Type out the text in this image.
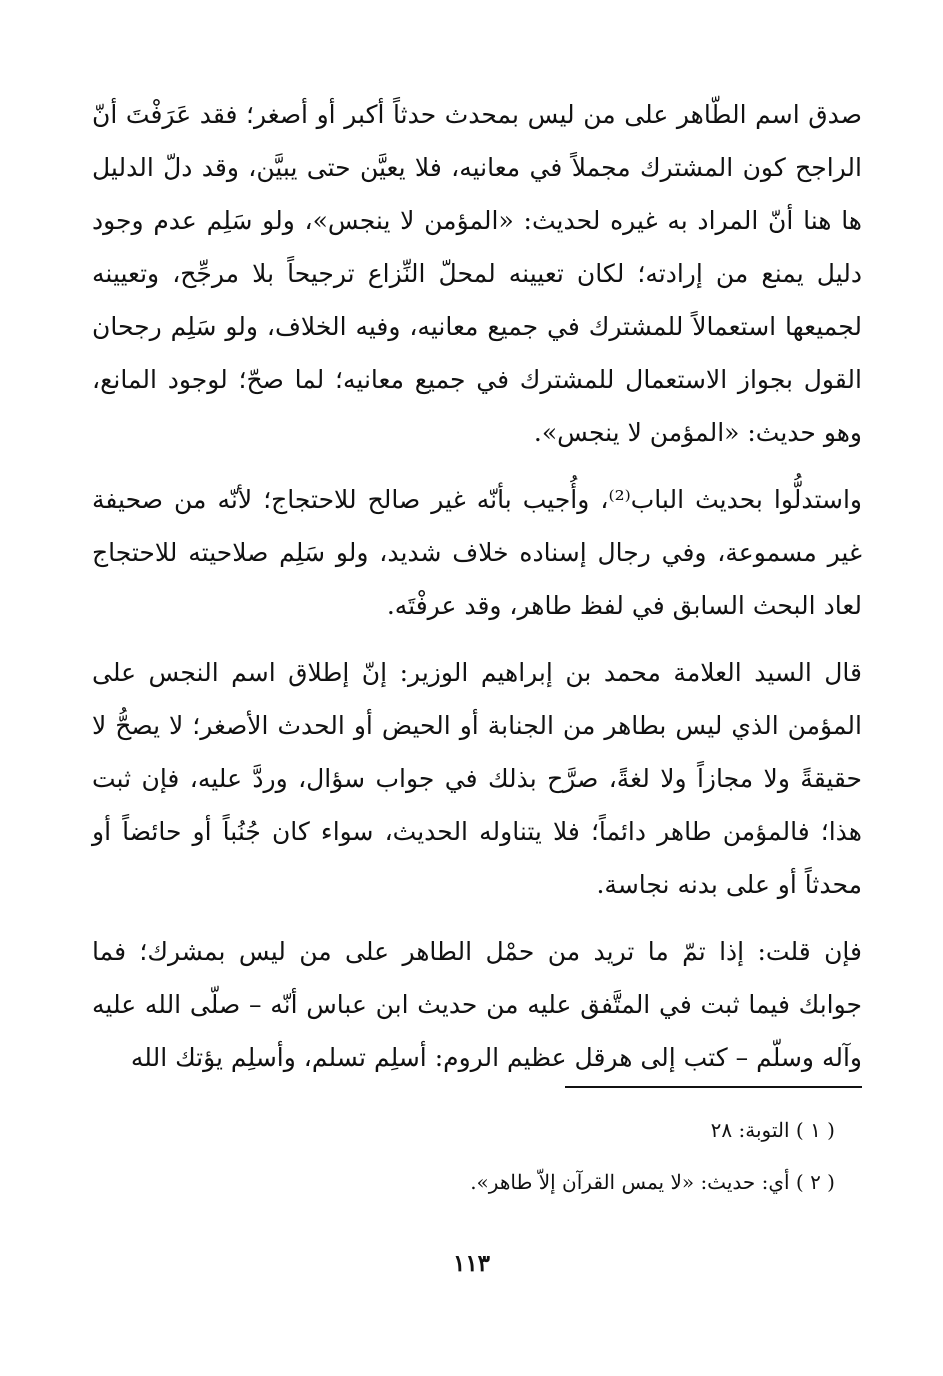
صدق اسم الطّاهر على من ليس بمحدث حدثاً أكبر أو أصغر؛ فقد عَرَفْتَ أنّ الراجح كون المشترك مجملاً في معانيه، فلا يعيَّن حتى يبيَّن، وقد دلّ الدليل ها هنا أنّ المراد به غيره لحديث: «المؤمن لا ينجس»، ولو سَلِم عدم وجود دليل يمنع من إرادته؛ لكان تعيينه لمحلّ النِّزاع ترجيحاً بلا مرجِّح، وتعيينه لجميعها استعمالاً للمشترك في جميع معانيه، وفيه الخلاف، ولو سَلِم رجحان القول بجواز الاستعمال للمشترك في جميع معانيه؛ لما صحّ؛ لوجود المانع، وهو حديث: «المؤمن لا ينجس».

واستدلُّوا بحديث الباب⁽²⁾، وأُجيب بأنّه غير صالح للاحتجاج؛ لأنّه من صحيفة غير مسموعة، وفي رجال إسناده خلاف شديد، ولو سَلِم صلاحيته للاحتجاج لعاد البحث السابق في لفظ طاهر، وقد عرفْتَه.

قال السيد العلامة محمد بن إبراهيم الوزير: إنّ إطلاق اسم النجس على المؤمن الذي ليس بطاهر من الجنابة أو الحيض أو الحدث الأصغر؛ لا يصحُّ لا حقيقةً ولا مجازاً ولا لغةً، صرَّح بذلك في جواب سؤال، وردَّ عليه، فإن ثبت هذا؛ فالمؤمن طاهر دائماً؛ فلا يتناوله الحديث، سواء كان جُنُباً أو حائضاً أو محدثاً أو على بدنه نجاسة.

فإن قلت: إذا تمّ ما تريد من حمْل الطاهر على من ليس بمشرك؛ فما جوابك فيما ثبت في المتَّفق عليه من حديث ابن عباس أنّه – صلّى الله عليه وآله وسلّم – كتب إلى هرقل عظيم الروم: أسلِم تسلم، وأسلِم يؤتك الله

( ١ ) التوبة: ٢٨

( ٢ ) أي: حديث: «لا يمس القرآن إلاّ طاهر».

١١٣
